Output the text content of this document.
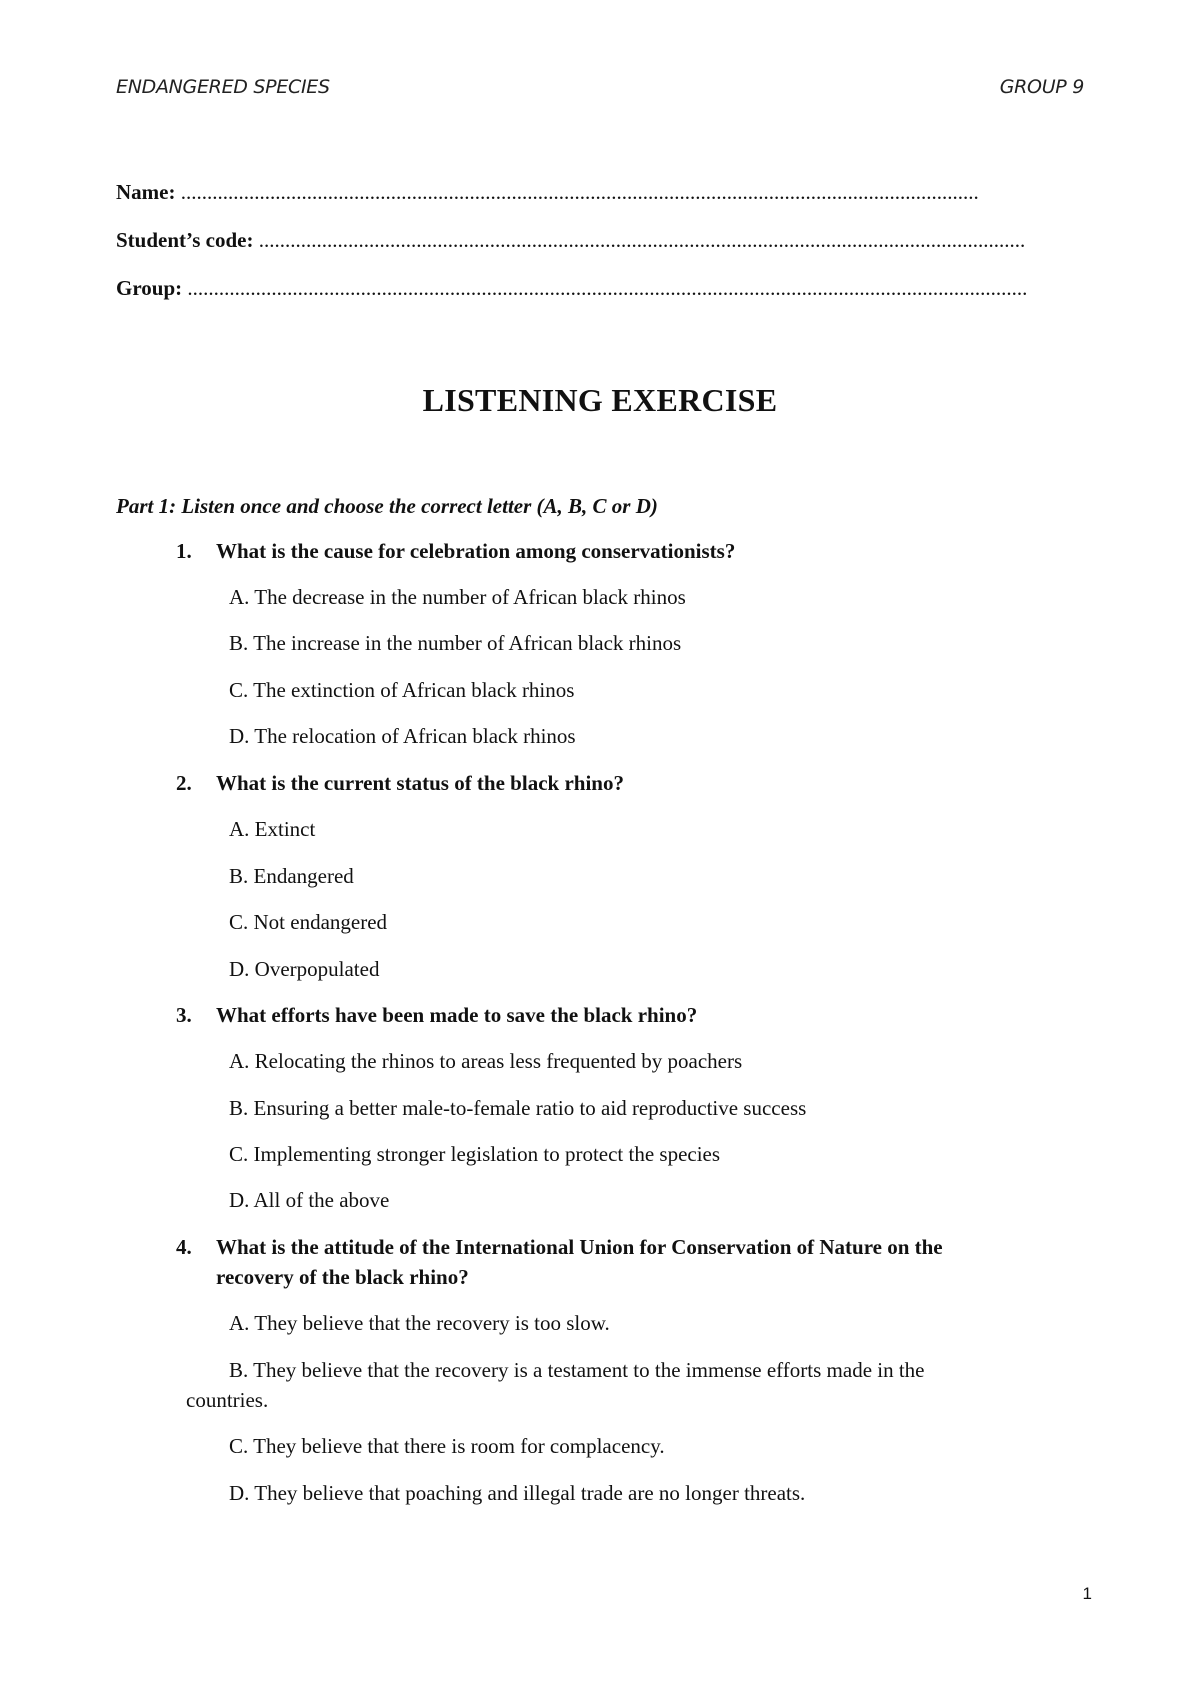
ENDANGERED SPECIES	GROUP 9
Name: ........................................................................................................................................................
Student’s code: ..................................................................................................................................................
Group: ................................................................................................................................................................
LISTENING EXERCISE
Part 1: Listen once and choose the correct letter (A, B, C or D)
1. What is the cause for celebration among conservationists?
A. The decrease in the number of African black rhinos
B. The increase in the number of African black rhinos
C. The extinction of African black rhinos
D. The relocation of African black rhinos
2. What is the current status of the black rhino?
A. Extinct
B. Endangered
C. Not endangered
D. Overpopulated
3. What efforts have been made to save the black rhino?
A. Relocating the rhinos to areas less frequented by poachers
B. Ensuring a better male-to-female ratio to aid reproductive success
C. Implementing stronger legislation to protect the species
D. All of the above
4. What is the attitude of the International Union for Conservation of Nature on the recovery of the black rhino?
A. They believe that the recovery is too slow.
B. They believe that the recovery is a testament to the immense efforts made in the countries.
C. They believe that there is room for complacency.
D. They believe that poaching and illegal trade are no longer threats.
1
